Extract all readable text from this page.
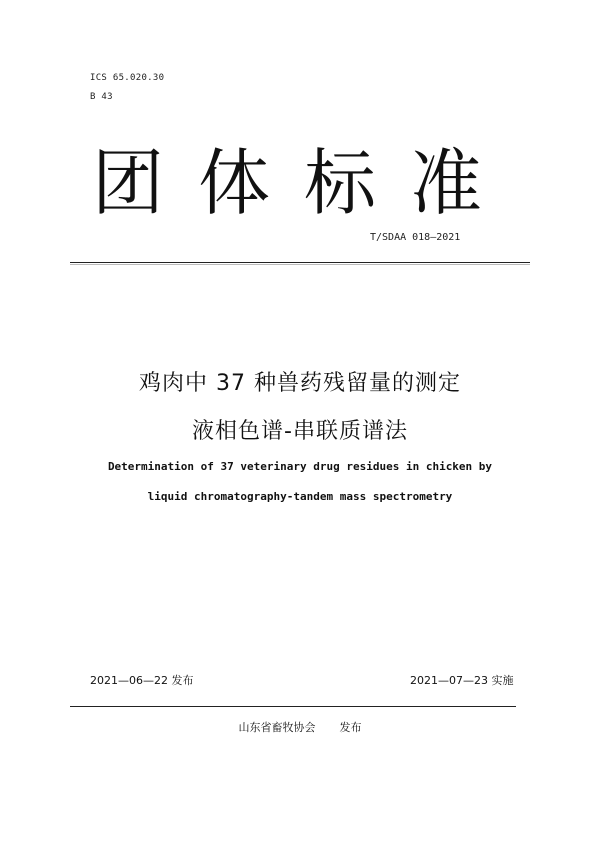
ICS 65.020.30
B 43
团 体 标 准
T/SDAA 018—2021
鸡肉中 37 种兽药残留量的测定
液相色谱-串联质谱法
Determination of 37 veterinary drug residues in chicken by
liquid chromatography-tandem mass spectrometry
2021—06—22 发布	2021—07—23 实施
山东省畜牧协会 发布
